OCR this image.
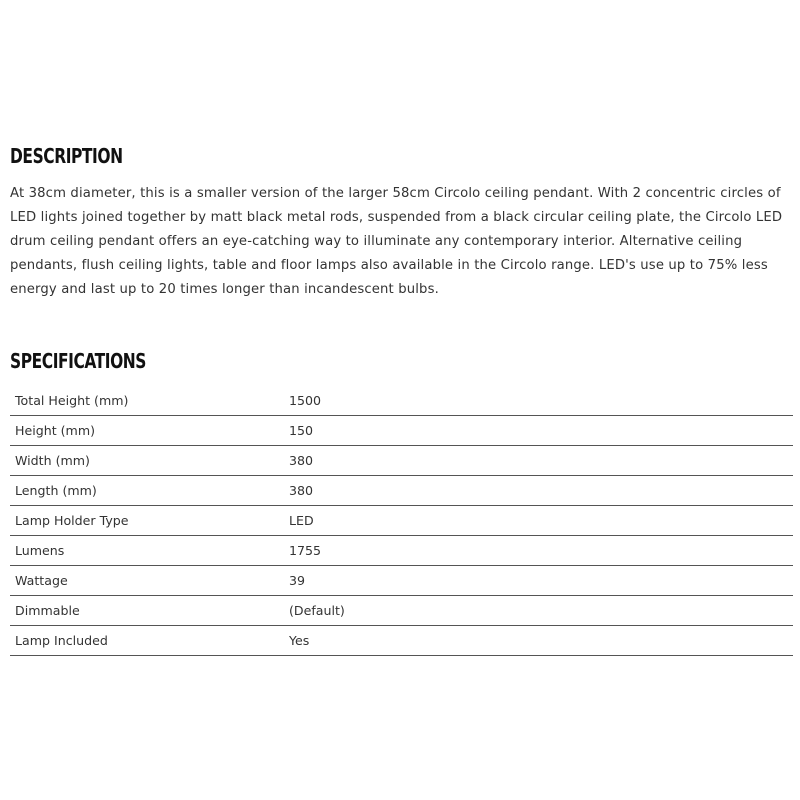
DESCRIPTION

At 38cm diameter, this is a smaller version of the larger 58cm Circolo ceiling pendant. With 2 concentric circles of LED lights joined together by matt black metal rods, suspended from a black circular ceiling plate, the Circolo LED drum ceiling pendant offers an eye-catching way to illuminate any contemporary interior. Alternative ceiling pendants, flush ceiling lights, table and floor lamps also available in the Circolo range. LED's use up to 75% less energy and last up to 20 times longer than incandescent bulbs.

SPECIFICATIONS
Total Height (mm)	1500
Height (mm)	150
Width (mm)	380
Length (mm)	380
Lamp Holder Type	LED
Lumens	1755
Wattage	39
Dimmable	(Default)
Lamp Included	Yes
